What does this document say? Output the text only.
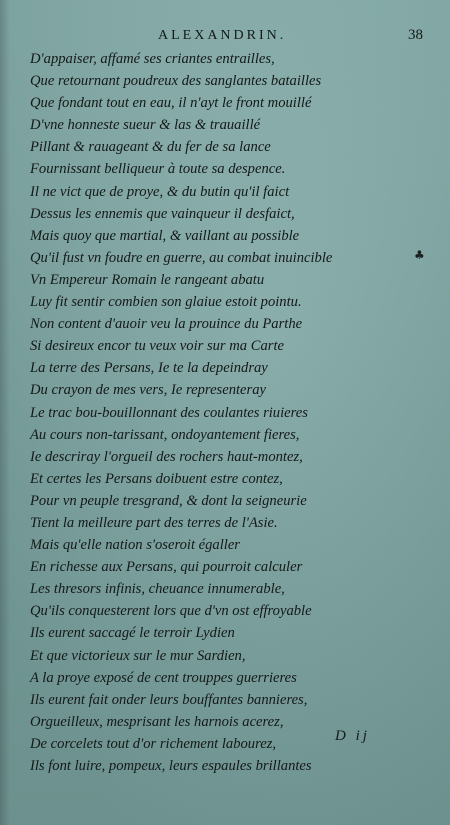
ALEXANDRIN.	38
D'appaiser, affamé ses criantes entrailles,
Que retournant poudreux des sanglantes batailles
Que fondant tout en eau, il n'ayt le front mouillé
D'vne honneste sueur & las & trauaillé
Pillant & rauageant & du fer de sa lance
Fournissant belliqueur à toute sa despence.
Il ne vict que de proye, & du butin qu'il faict
Dessus les ennemis que vainqueur il desfaict,
Mais quoy que martial, & vaillant au possible
Qu'il fust vn foudre en guerre, au combat inuincible
Vn Empereur Romain le rangeant abatu
Luy fit sentir combien son glaiue estoit pointu.
Non content d'auoir veu la prouince du Parthe
Si desireux encor tu veux voir sur ma Carte
La terre des Persans, Ie te la depeindray
Du crayon de mes vers, Ie representeray
Le trac bou-bouillonnant des coulantes riuieres
Au cours non-tarissant, ondoyantement fieres,
Ie descriray l'orgueil des rochers haut-montez,
Et certes les Persans doibuent estre contez,
Pour vn peuple tresgrand, & dont la seigneurie
Tient la meilleure part des terres de l'Asie.
Mais qu'elle nation s'oseroit égaller
En richesse aux Persans, qui pourroit calculer
Les thresors infinis, cheuance innumerable,
Qu'ils conquesterent lors que d'vn ost effroyable
Ils eurent saccagé le terroir Lydien
Et que victorieux sur le mur Sardien,
A la proye exposé de cent trouppes guerrieres
Ils eurent fait onder leurs bouffantes bannieres,
Orgueilleux, mesprisant les harnois acerez,
De corcelets tout d'or richement labourez,
Ils font luire, pompeux, leurs espaules brillantes
♣
D ij
